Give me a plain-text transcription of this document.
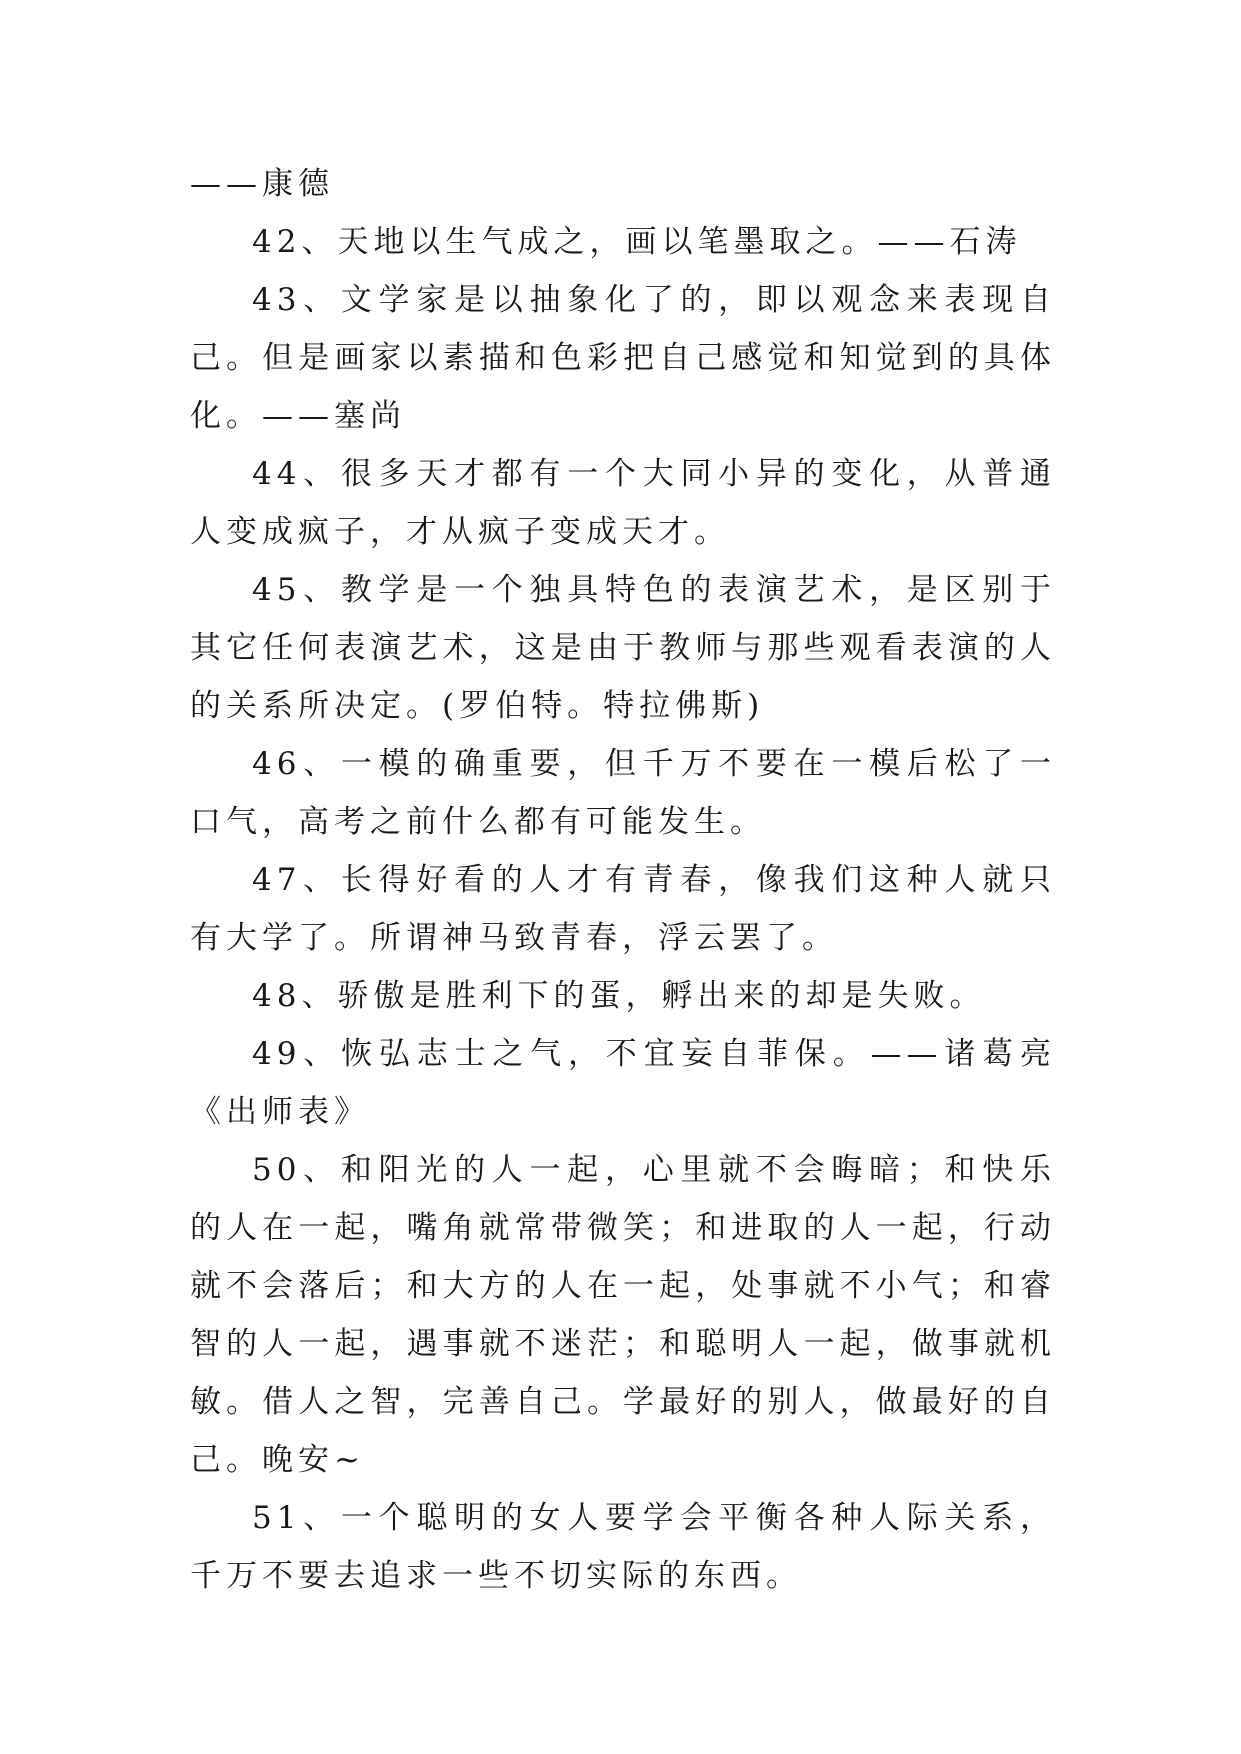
——康德

42、天地以生气成之，画以笔墨取之。——石涛

43、文学家是以抽象化了的，即以观念来表现自己。但是画家以素描和色彩把自己感觉和知觉到的具体化。——塞尚

44、很多天才都有一个大同小异的变化，从普通人变成疯子，才从疯子变成天才。

45、教学是一个独具特色的表演艺术，是区别于其它任何表演艺术，这是由于教师与那些观看表演的人的关系所决定。(罗伯特。特拉佛斯)

46、一模的确重要，但千万不要在一模后松了一口气，高考之前什么都有可能发生。

47、长得好看的人才有青春，像我们这种人就只有大学了。所谓神马致青春，浮云罢了。

48、骄傲是胜利下的蛋，孵出来的却是失败。

49、恢弘志士之气，不宜妄自菲保。——诸葛亮《出师表》

50、和阳光的人一起，心里就不会晦暗；和快乐的人在一起，嘴角就常带微笑；和进取的人一起，行动就不会落后；和大方的人在一起，处事就不小气；和睿智的人一起，遇事就不迷茫；和聪明人一起，做事就机敏。借人之智，完善自己。学最好的别人，做最好的自己。晚安~

51、一个聪明的女人要学会平衡各种人际关系，千万不要去追求一些不切实际的东西。
